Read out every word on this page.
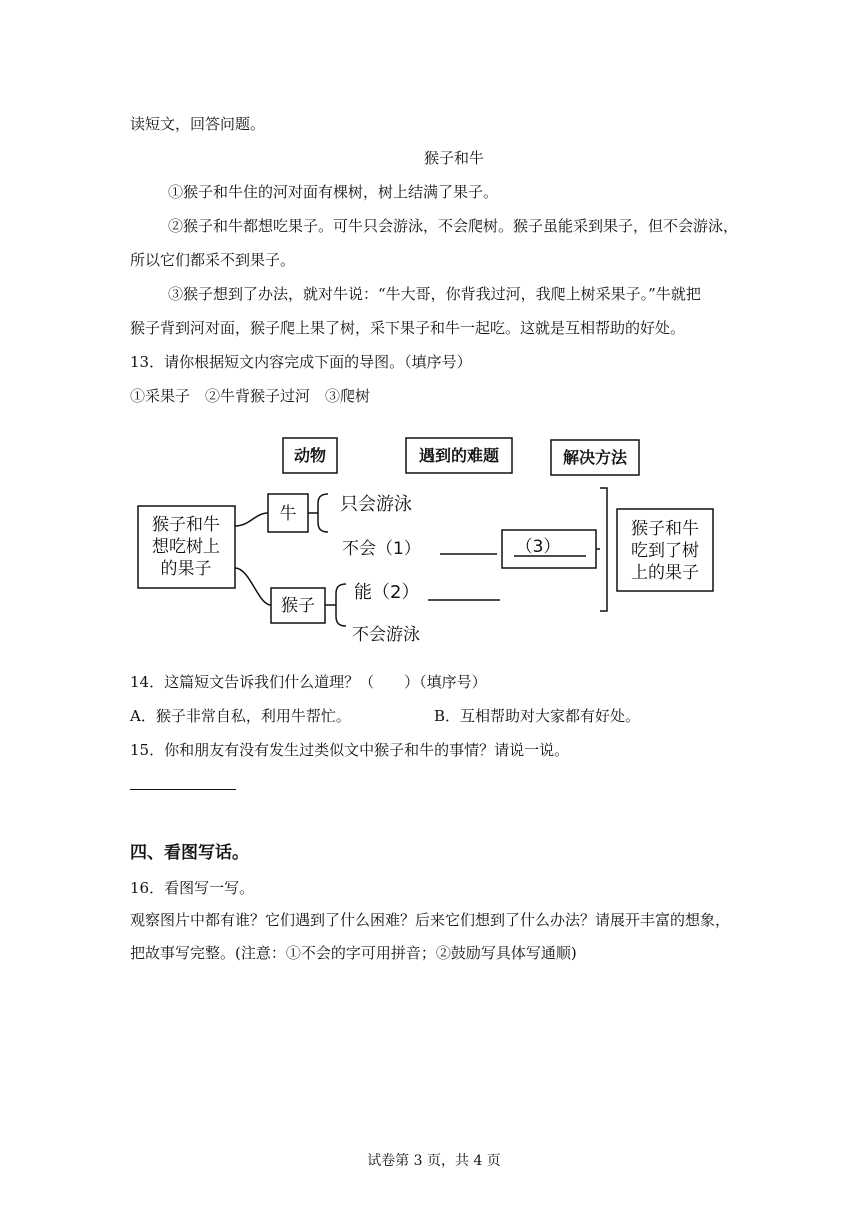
读短文，回答问题。

猴子和牛

①猴子和牛住的河对面有棵树，树上结满了果子。

②猴子和牛都想吃果子。可牛只会游泳，不会爬树。猴子虽能采到果子，但不会游泳，

所以它们都采不到果子。

③猴子想到了办法，就对牛说：“牛大哥，你背我过河，我爬上树采果子。”牛就把

猴子背到河对面，猴子爬上果了树，采下果子和牛一起吃。这就是互相帮助的好处。

13．请你根据短文内容完成下面的导图。（填序号）

①采果子　②牛背猴子过河　③爬树

动物	遇到的难题	解决方法
猴子和牛
想吃树上
的果子
牛
猴子
只会游泳
不会（1）
能（2）
不会游泳
（3）
猴子和牛
吃到了树
上的果子

14．这篇短文告诉我们什么道理？（　　）（填序号）

A．猴子非常自私，利用牛帮忙。	B．互相帮助对大家都有好处。

15．你和朋友有没有发生过类似文中猴子和牛的事情？请说一说。

四、看图写话。

16．看图写一写。

观察图片中都有谁？它们遇到了什么困难？后来它们想到了什么办法？请展开丰富的想象，

把故事写完整。(注意：①不会的字可用拼音；②鼓励写具体写通顺)

试卷第 3 页，共 4 页
